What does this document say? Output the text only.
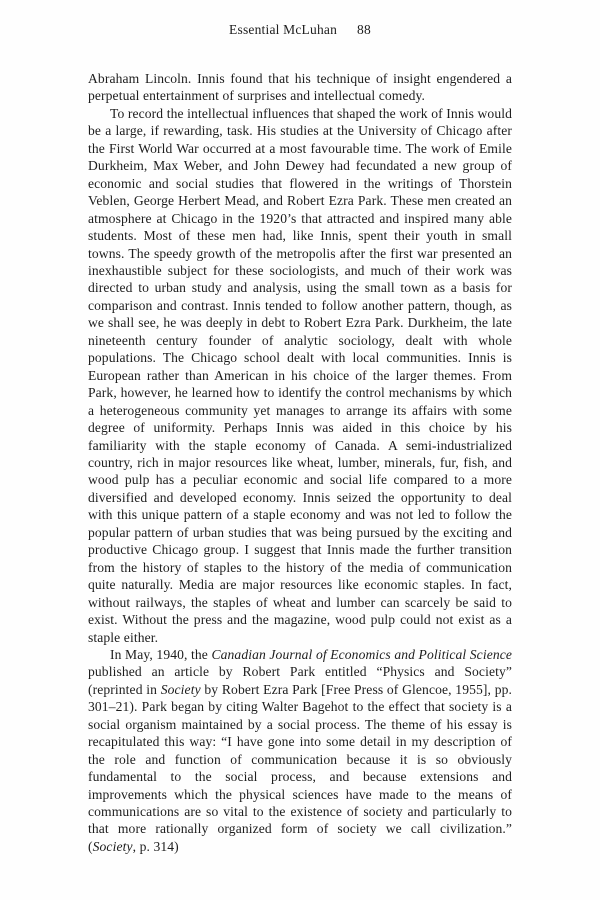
Essential McLuhan 88

Abraham Lincoln. Innis found that his technique of insight engendered a perpetual entertainment of surprises and intellectual comedy.

To record the intellectual influences that shaped the work of Innis would be a large, if rewarding, task. His studies at the University of Chicago after the First World War occurred at a most favourable time. The work of Emile Durkheim, Max Weber, and John Dewey had fecundated a new group of economic and social studies that flowered in the writings of Thorstein Veblen, George Herbert Mead, and Robert Ezra Park. These men created an atmosphere at Chicago in the 1920’s that attracted and inspired many able students. Most of these men had, like Innis, spent their youth in small towns. The speedy growth of the metropolis after the first war presented an inexhaustible subject for these sociologists, and much of their work was directed to urban study and analysis, using the small town as a basis for comparison and contrast. Innis tended to follow another pattern, though, as we shall see, he was deeply in debt to Robert Ezra Park. Durkheim, the late nineteenth century founder of analytic sociology, dealt with whole populations. The Chicago school dealt with local communities. Innis is European rather than American in his choice of the larger themes. From Park, however, he learned how to identify the control mechanisms by which a heterogeneous community yet manages to arrange its affairs with some degree of uniformity. Perhaps Innis was aided in this choice by his familiarity with the staple economy of Canada. A semi-industrialized country, rich in major resources like wheat, lumber, minerals, fur, fish, and wood pulp has a peculiar economic and social life compared to a more diversified and developed economy. Innis seized the opportunity to deal with this unique pattern of a staple economy and was not led to follow the popular pattern of urban studies that was being pursued by the exciting and productive Chicago group. I suggest that Innis made the further transition from the history of staples to the history of the media of communication quite naturally. Media are major resources like economic staples. In fact, without railways, the staples of wheat and lumber can scarcely be said to exist. Without the press and the magazine, wood pulp could not exist as a staple either.

In May, 1940, the Canadian Journal of Economics and Political Science published an article by Robert Park entitled “Physics and Society” (reprinted in Society by Robert Ezra Park [Free Press of Glencoe, 1955], pp. 301–21). Park began by citing Walter Bagehot to the effect that society is a social organism maintained by a social process. The theme of his essay is recapitulated this way: “I have gone into some detail in my description of the role and function of communication because it is so obviously fundamental to the social process, and because extensions and improvements which the physical sciences have made to the means of communications are so vital to the existence of society and particularly to that more rationally organized form of society we call civilization.” (Society, p. 314)
